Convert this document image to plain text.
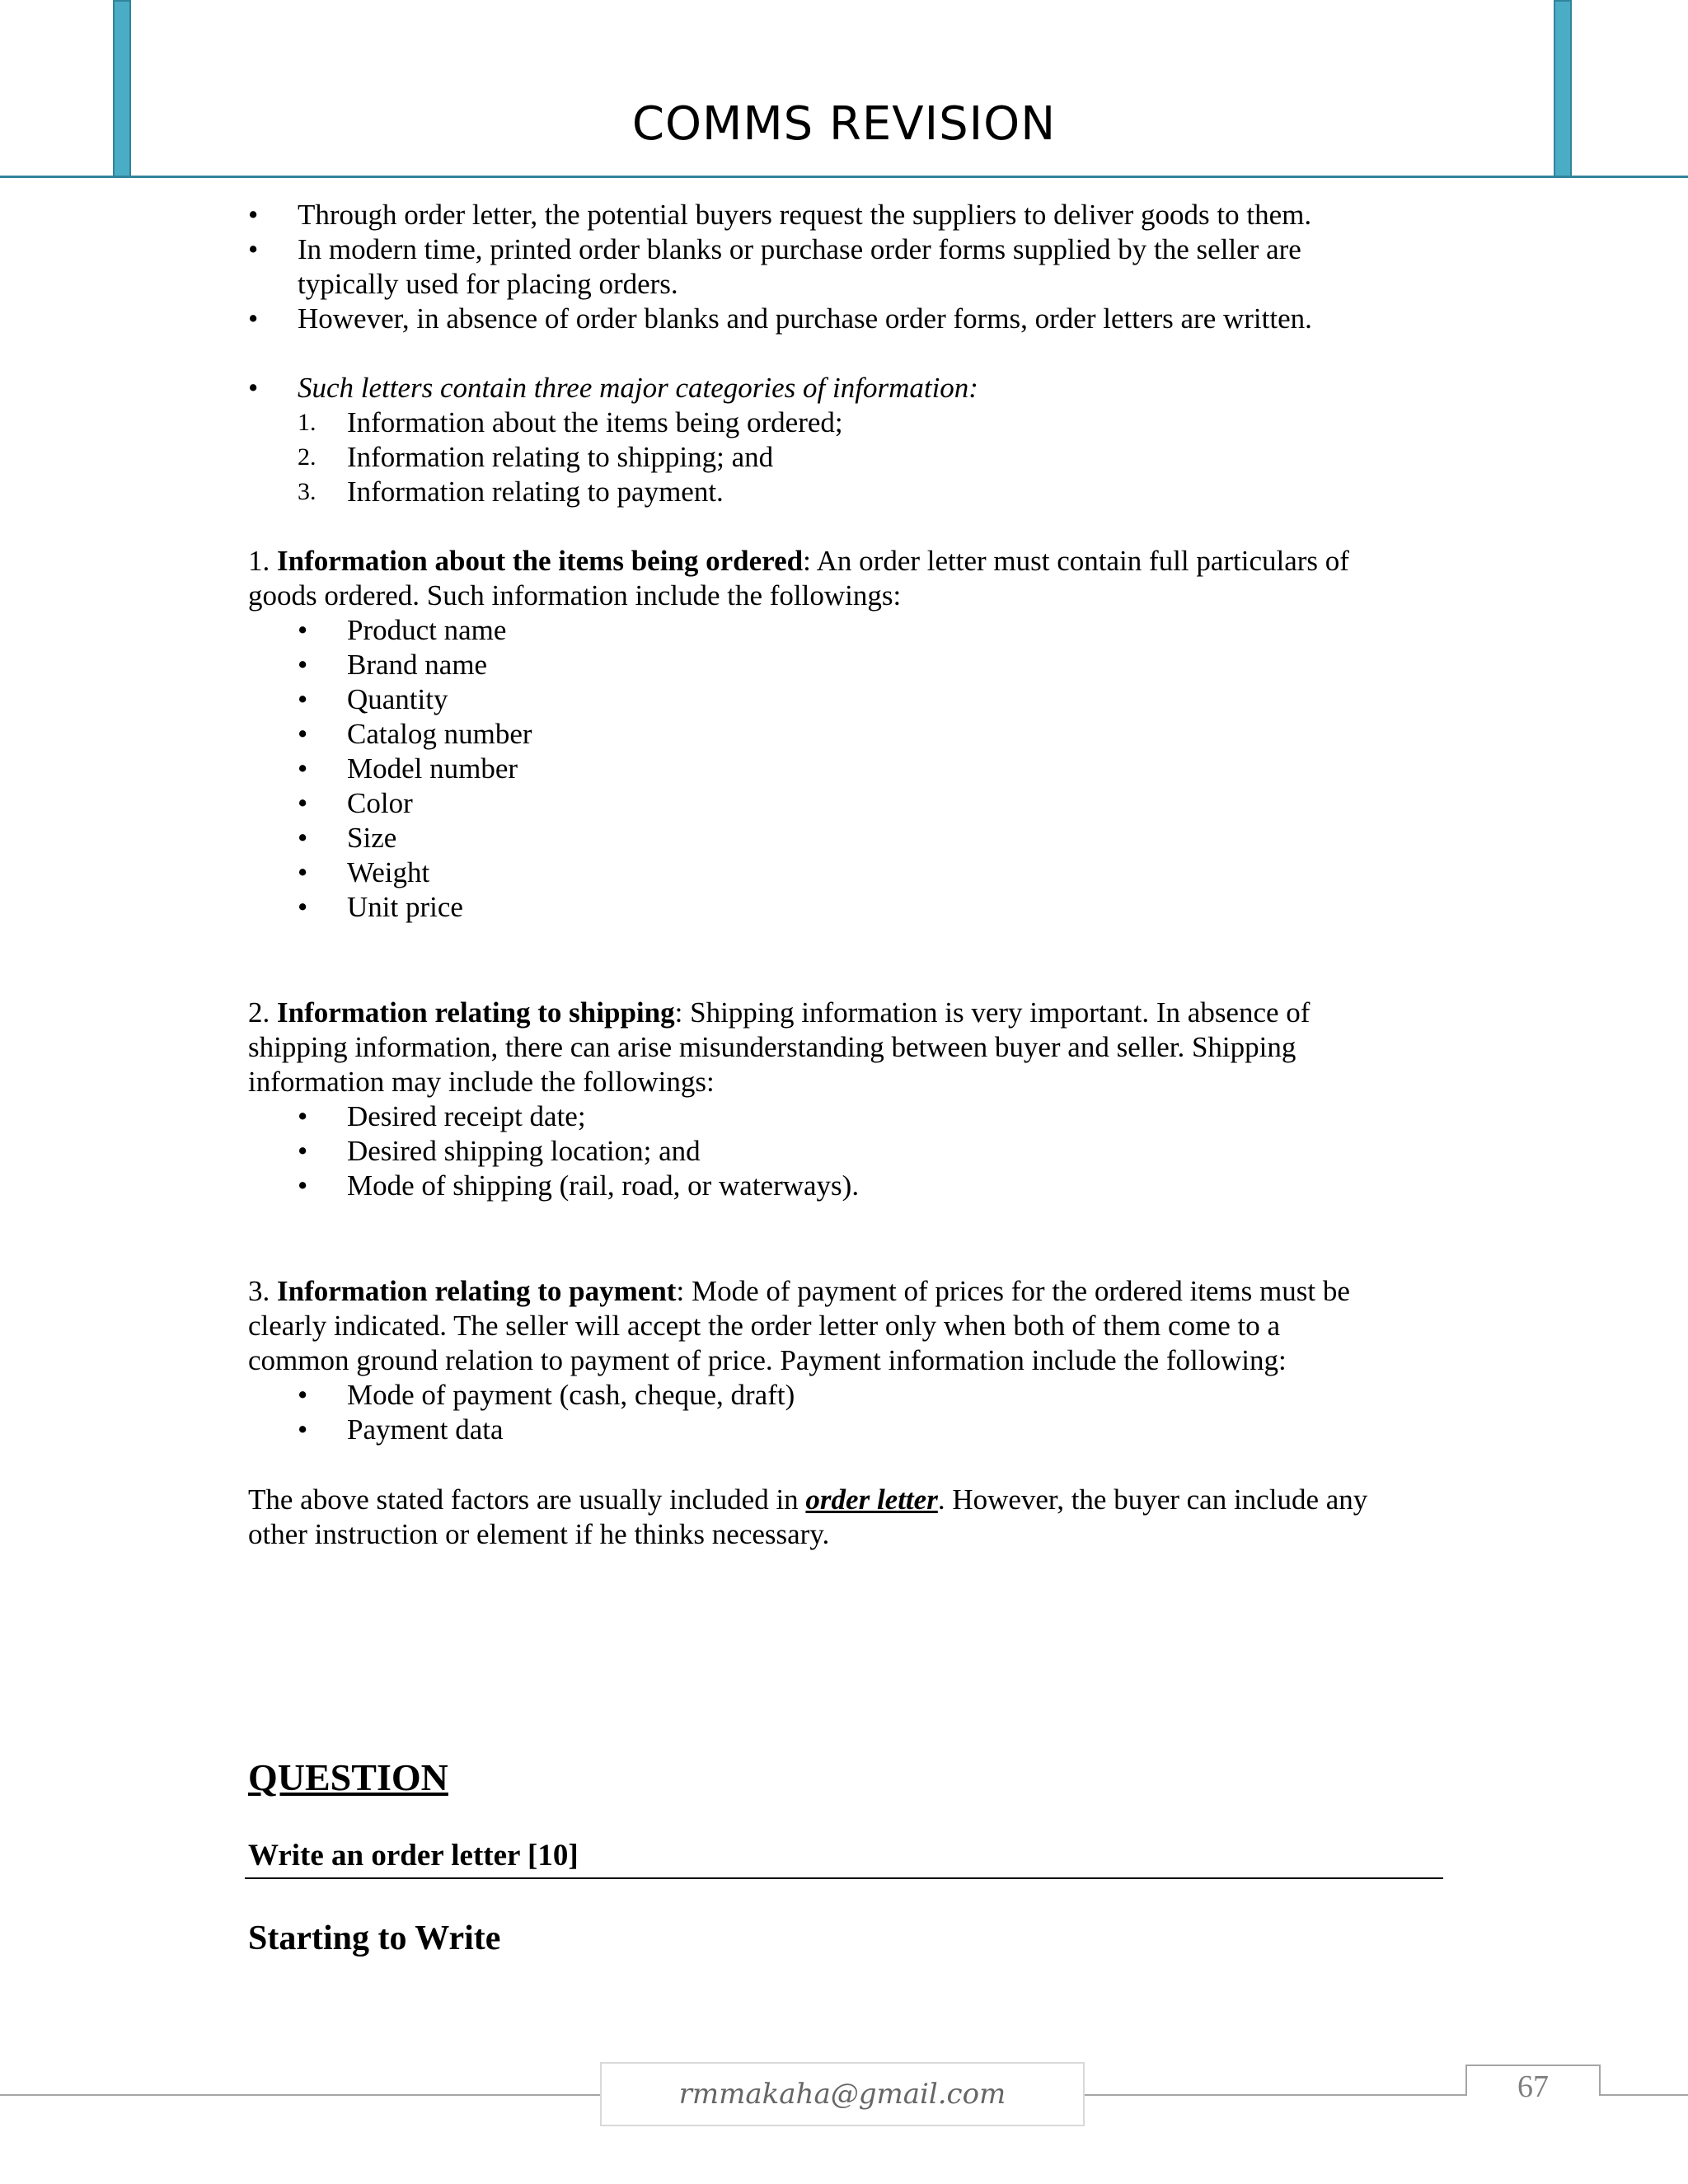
COMMS REVISION
• Through order letter, the potential buyers request the suppliers to deliver goods to them.
• In modern time, printed order blanks or purchase order forms supplied by the seller are
typically used for placing orders.
• However, in absence of order blanks and purchase order forms, order letters are written.
• Such letters contain three major categories of information:
1. Information about the items being ordered;
2. Information relating to shipping; and
3. Information relating to payment.
1. Information about the items being ordered: An order letter must contain full particulars of
goods ordered. Such information include the followings:
• Product name
• Brand name
• Quantity
• Catalog number
• Model number
• Color
• Size
• Weight
• Unit price
2. Information relating to shipping: Shipping information is very important. In absence of
shipping information, there can arise misunderstanding between buyer and seller. Shipping
information may include the followings:
• Desired receipt date;
• Desired shipping location; and
• Mode of shipping (rail, road, or waterways).
3. Information relating to payment: Mode of payment of prices for the ordered items must be
clearly indicated. The seller will accept the order letter only when both of them come to a
common ground relation to payment of price. Payment information include the following:
• Mode of payment (cash, cheque, draft)
• Payment data
The above stated factors are usually included in order letter. However, the buyer can include any
other instruction or element if he thinks necessary.
QUESTION
Write an order letter [10]
Starting to Write
rmmakaha@gmail.com	67
